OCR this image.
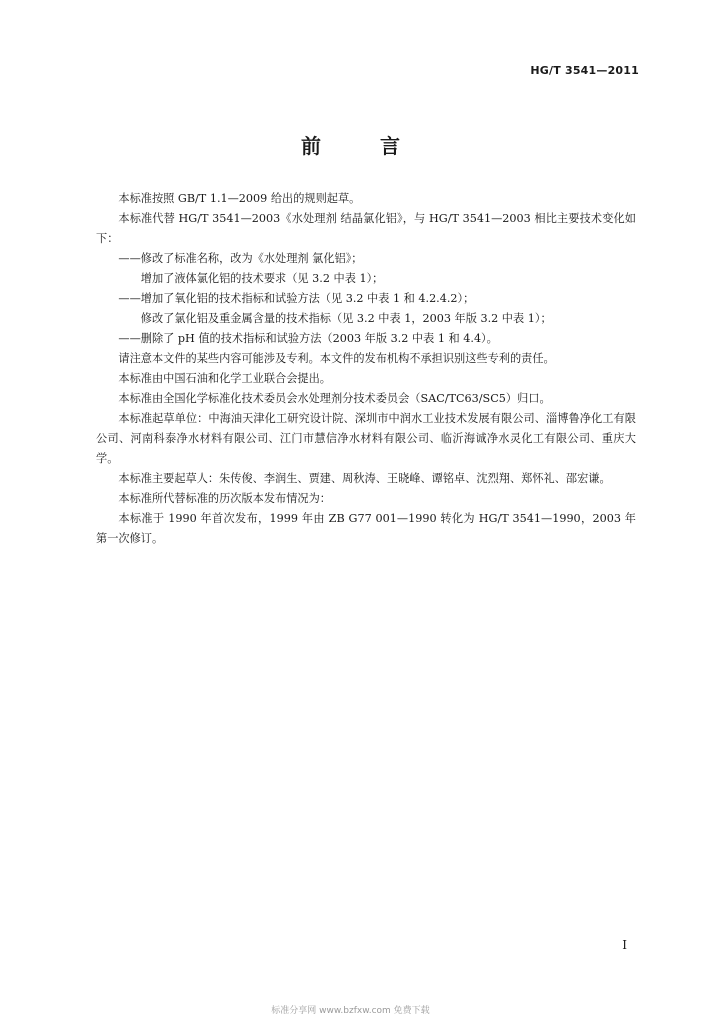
HG/T 3541—2011
前 言

本标准按照 GB/T 1.1—2009 给出的规则起草。

本标准代替 HG/T 3541—2003《水处理剂 结晶氯化铝》，与 HG/T 3541—2003 相比主要技术变化如下：

——修改了标准名称，改为《水处理剂 氯化铝》；

增加了液体氯化铝的技术要求（见 3.2 中表 1）；

——增加了氧化铝的技术指标和试验方法（见 3.2 中表 1 和 4.2.4.2）；

修改了氯化铝及重金属含量的技术指标（见 3.2 中表 1，2003 年版 3.2 中表 1）；

——删除了 pH 值的技术指标和试验方法（2003 年版 3.2 中表 1 和 4.4）。

请注意本文件的某些内容可能涉及专利。本文件的发布机构不承担识别这些专利的责任。

本标准由中国石油和化学工业联合会提出。

本标准由全国化学标准化技术委员会水处理剂分技术委员会（SAC/TC63/SC5）归口。

本标准起草单位：中海油天津化工研究设计院、深圳市中润水工业技术发展有限公司、淄博鲁净化工有限公司、河南科泰净水材料有限公司、江门市慧信净水材料有限公司、临沂海诚净水灵化工有限公司、重庆大学。

本标准主要起草人：朱传俊、李润生、贾建、周秋涛、王晓峰、谭铭卓、沈烈翔、郑怀礼、邵宏谦。

本标准所代替标准的历次版本发布情况为：

本标准于 1990 年首次发布，1999 年由 ZB G77 001—1990 转化为 HG/T 3541—1990，2003 年第一次修订。

I
标准分享网 www.bzfxw.com 免费下载
